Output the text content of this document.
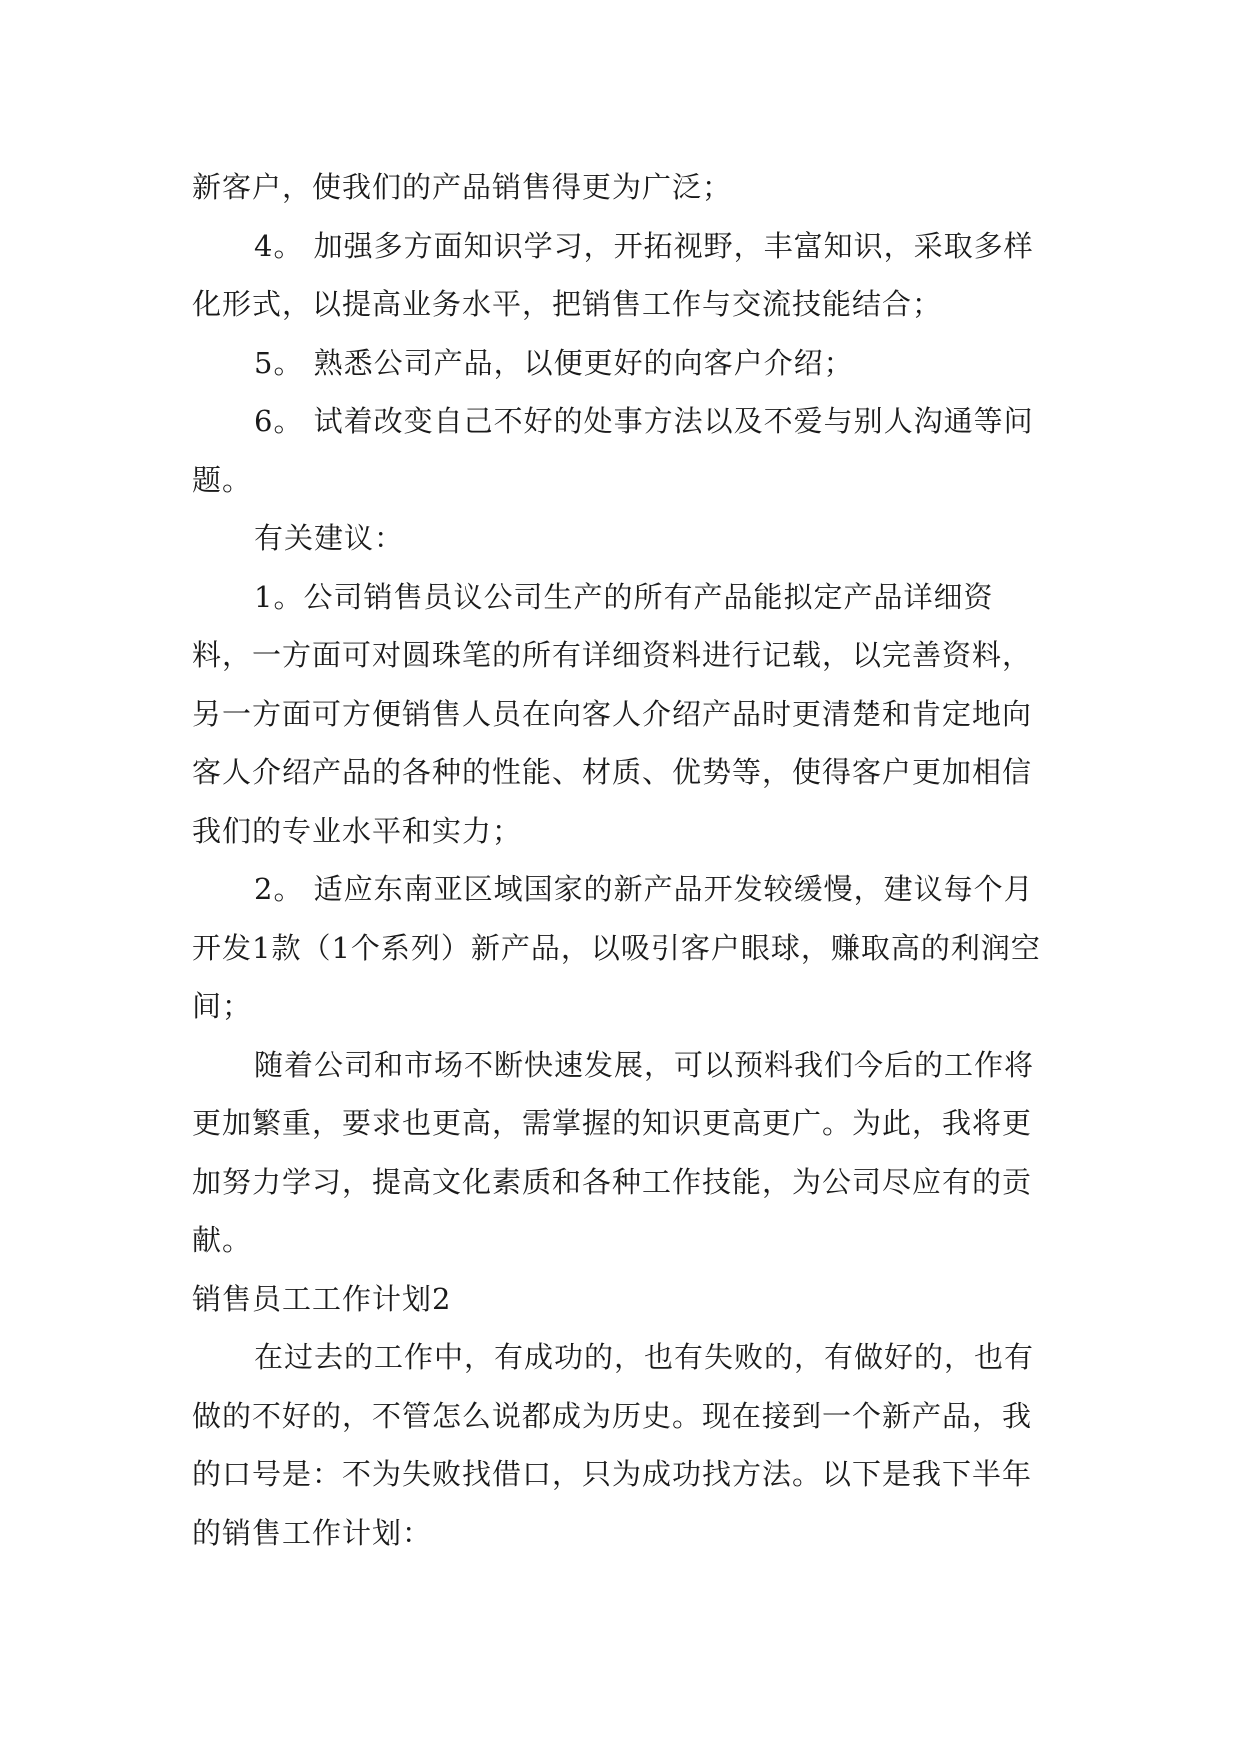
新客户，使我们的产品销售得更为广泛；

4。 加强多方面知识学习，开拓视野，丰富知识，采取多样化形式，以提高业务水平，把销售工作与交流技能结合；

5。 熟悉公司产品，以便更好的向客户介绍；

6。 试着改变自己不好的处事方法以及不爱与别人沟通等问题。

有关建议：

1。公司销售员议公司生产的所有产品能拟定产品详细资料，一方面可对圆珠笔的所有详细资料进行记载，以完善资料，另一方面可方便销售人员在向客人介绍产品时更清楚和肯定地向客人介绍产品的各种的性能、材质、优势等，使得客户更加相信我们的专业水平和实力；

2。 适应东南亚区域国家的新产品开发较缓慢，建议每个月开发1款（1个系列）新产品，以吸引客户眼球，赚取高的利润空间；

随着公司和市场不断快速发展，可以预料我们今后的工作将更加繁重，要求也更高，需掌握的知识更高更广。为此，我将更加努力学习，提高文化素质和各种工作技能，为公司尽应有的贡献。

销售员工工作计划2

在过去的工作中，有成功的，也有失败的，有做好的，也有做的不好的，不管怎么说都成为历史。现在接到一个新产品，我的口号是：不为失败找借口，只为成功找方法。以下是我下半年的销售工作计划：
